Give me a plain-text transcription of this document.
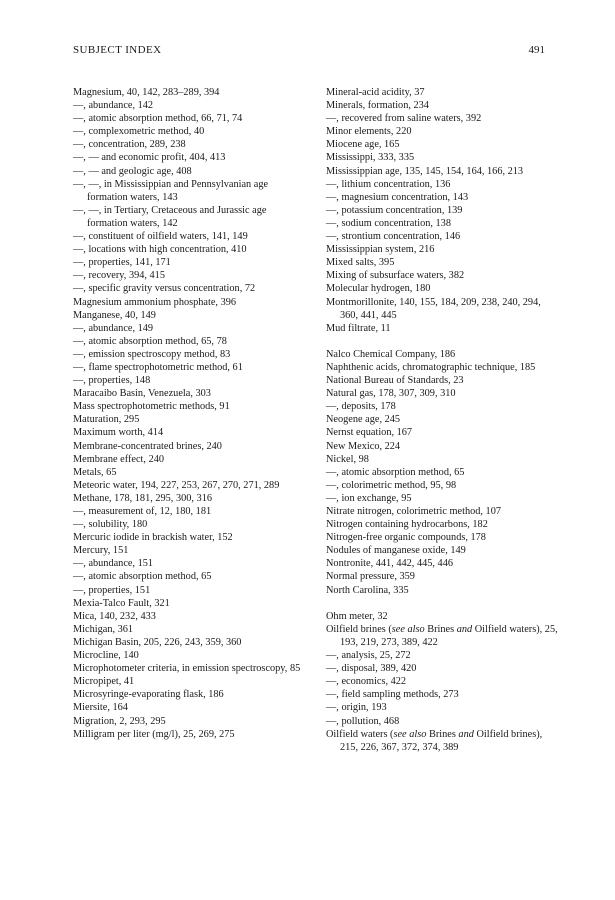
SUBJECT INDEX	491
Magnesium, 40, 142, 283–289, 394
—, abundance, 142
—, atomic absorption method, 66, 71, 74
—, complexometric method, 40
—, concentration, 289, 238
—, — and economic profit, 404, 413
—, — and geologic age, 408
—, —, in Mississippian and Pennsylvanian age formation waters, 143
—, —, in Tertiary, Cretaceous and Jurassic age formation waters, 142
—, constituent of oilfield waters, 141, 149
—, locations with high concentration, 410
—, properties, 141, 171
—, recovery, 394, 415
—, specific gravity versus concentration, 72
Magnesium ammonium phosphate, 396
Manganese, 40, 149
—, abundance, 149
—, atomic absorption method, 65, 78
—, emission spectroscopy method, 83
—, flame spectrophotometric method, 61
—, properties, 148
Maracaibo Basin, Venezuela, 303
Mass spectrophotometric methods, 91
Maturation, 295
Maximum worth, 414
Membrane-concentrated brines, 240
Membrane effect, 240
Metals, 65
Meteoric water, 194, 227, 253, 267, 270, 271, 289
Methane, 178, 181, 295, 300, 316
—, measurement of, 12, 180, 181
—, solubility, 180
Mercuric iodide in brackish water, 152
Mercury, 151
—, abundance, 151
—, atomic absorption method, 65
—, properties, 151
Mexia-Talco Fault, 321
Mica, 140, 232, 433
Michigan, 361
Michigan Basin, 205, 226, 243, 359, 360
Microcline, 140
Microphotometer criteria, in emission spectroscopy, 85
Micropipet, 41
Microsyringe-evaporating flask, 186
Miersite, 164
Migration, 2, 293, 295
Milligram per liter (mg/l), 25, 269, 275
Mineral-acid acidity, 37
Minerals, formation, 234
—, recovered from saline waters, 392
Minor elements, 220
Miocene age, 165
Mississippi, 333, 335
Mississippian age, 135, 145, 154, 164, 166, 213
—, lithium concentration, 136
—, magnesium concentration, 143
—, potassium concentration, 139
—, sodium concentration, 138
—, strontium concentration, 146
Mississippian system, 216
Mixed salts, 395
Mixing of subsurface waters, 382
Molecular hydrogen, 180
Montmorillonite, 140, 155, 184, 209, 238, 240, 294, 360, 441, 445
Mud filtrate, 11
Nalco Chemical Company, 186
Naphthenic acids, chromatographic technique, 185
National Bureau of Standards, 23
Natural gas, 178, 307, 309, 310
—, deposits, 178
Neogene age, 245
Nernst equation, 167
New Mexico, 224
Nickel, 98
—, atomic absorption method, 65
—, colorimetric method, 95, 98
—, ion exchange, 95
Nitrate nitrogen, colorimetric method, 107
Nitrogen containing hydrocarbons, 182
Nitrogen-free organic compounds, 178
Nodules of manganese oxide, 149
Nontronite, 441, 442, 445, 446
Normal pressure, 359
North Carolina, 335
Ohm meter, 32
Oilfield brines (see also Brines and Oilfield waters), 25, 193, 219, 273, 389, 422
—, analysis, 25, 272
—, disposal, 389, 420
—, economics, 422
—, field sampling methods, 273
—, origin, 193
—, pollution, 468
Oilfield waters (see also Brines and Oilfield brines), 215, 226, 367, 372, 374, 389
